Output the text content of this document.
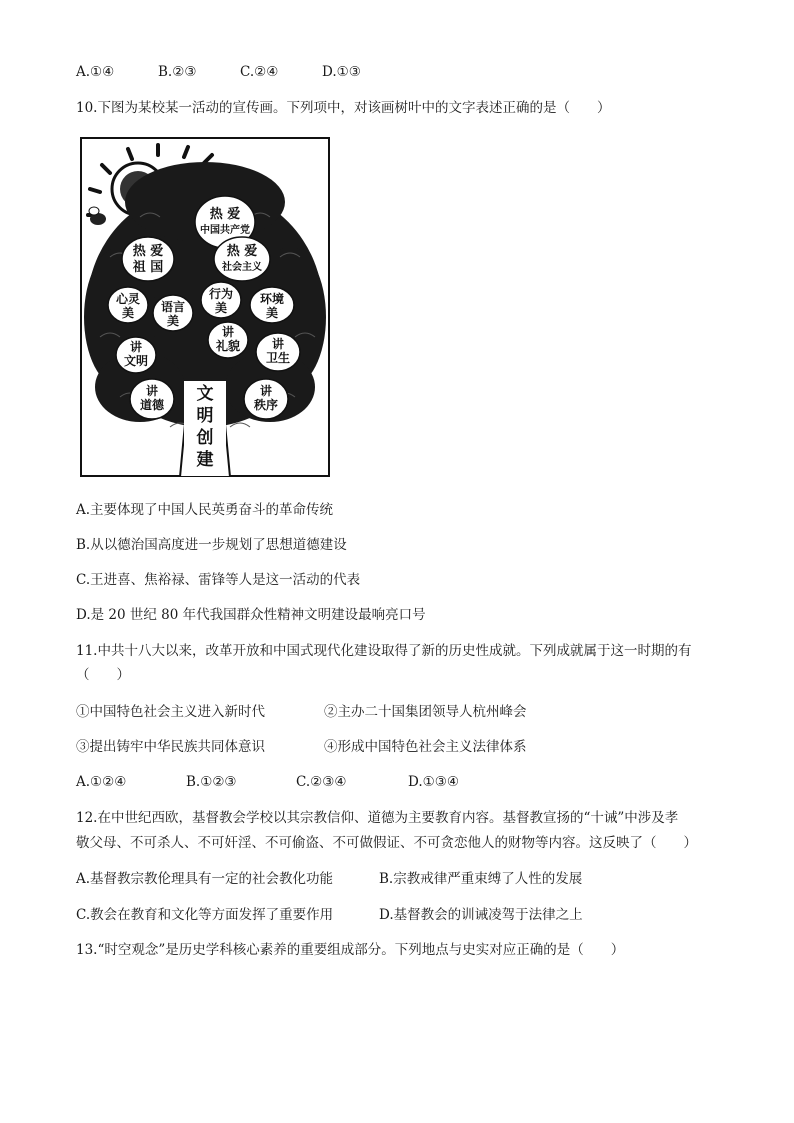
A.①④	B.②③	C.②④	D.①③
10.下图为某校某一活动的宣传画。下列项中，对该画树叶中的文字表述正确的是（　　）
热 爱
中国共产党
热 爱
祖 国
热 爱
社会主义
心灵
美 语言
美
行为
美
环境
美
讲
文明
讲
礼貌	讲
卫生
讲
道德
讲
秩序
文
明
创
建
A.主要体现了中国人民英勇奋斗的革命传统
B.从以德治国高度进一步规划了思想道德建设
C.王进喜、焦裕禄、雷锋等人是这一活动的代表
D.是 20 世纪 80 年代我国群众性精神文明建设最响亮口号
11.中共十八大以来，改革开放和中国式现代化建设取得了新的历史性成就。下列成就属于这一时期的有
（　　）
①中国特色社会主义进入新时代	②主办二十国集团领导人杭州峰会
③提出铸牢中华民族共同体意识	④形成中国特色社会主义法律体系
A.①②④	B.①②③	C.②③④	D.①③④
12.在中世纪西欧，基督教会学校以其宗教信仰、道德为主要教育内容。基督教宣扬的“十诫”中涉及孝
敬父母、不可杀人、不可奸淫、不可偷盗、不可做假证、不可贪恋他人的财物等内容。这反映了（　　）
A.基督教宗教伦理具有一定的社会教化功能	B.宗教戒律严重束缚了人性的发展
C.教会在教育和文化等方面发挥了重要作用	D.基督教会的训诫凌驾于法律之上
13.“时空观念”是历史学科核心素养的重要组成部分。下列地点与史实对应正确的是（　　）
